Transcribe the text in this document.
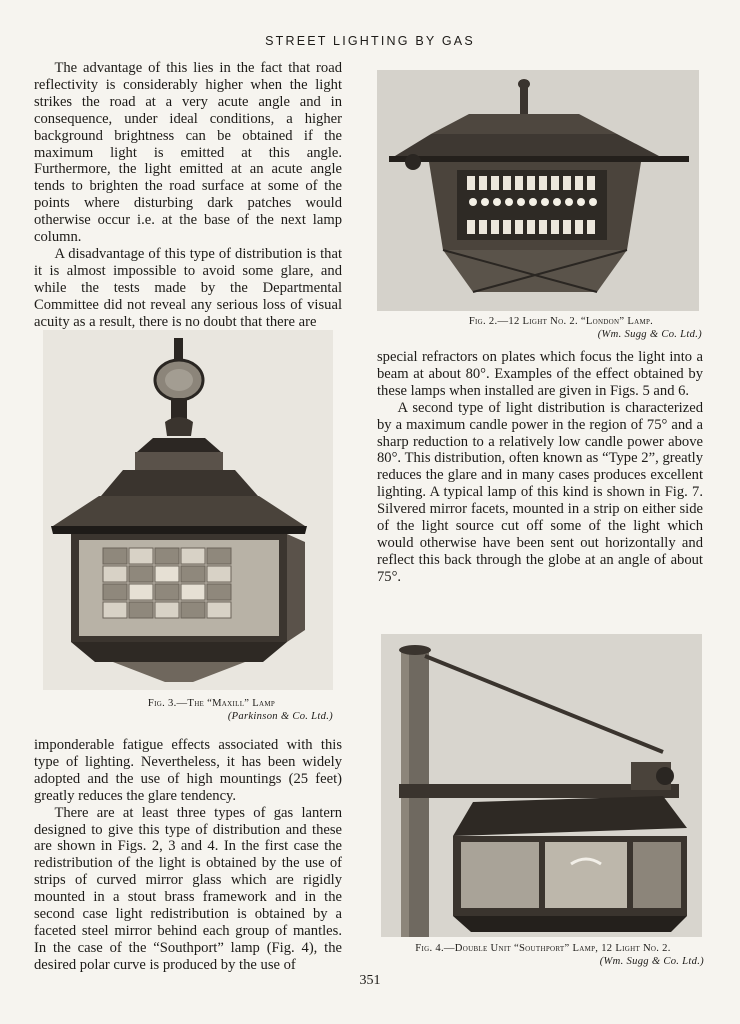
STREET LIGHTING BY GAS

The advantage of this lies in the fact that road reflectivity is considerably higher when the light strikes the road at a very acute angle and in consequence, under ideal conditions, a higher background brightness can be obtained if the maximum light is emitted at this angle. Furthermore, the light emitted at an acute angle tends to brighten the road surface at some of the points where disturbing dark patches would otherwise occur i.e. at the base of the next lamp column.

A disadvantage of this type of distribution is that it is almost impossible to avoid some glare, and while the tests made by the Departmental Committee did not reveal any serious loss of visual acuity as a result, there is no doubt that there are

Fig. 3.—The “Maxill” Lamp
(Parkinson & Co. Ltd.)

imponderable fatigue effects associated with this type of lighting. Nevertheless, it has been widely adopted and the use of high mountings (25 feet) greatly reduces the glare tendency.

There are at least three types of gas lantern designed to give this type of distribution and these are shown in Figs. 2, 3 and 4. In the first case the redistribution of the light is obtained by the use of strips of curved mirror glass which are rigidly mounted in a stout brass framework and in the second case light redistribution is obtained by a faceted steel mirror behind each group of mantles. In the case of the “Southport” lamp (Fig. 4), the desired polar curve is produced by the use of

Fig. 2.—12 Light No. 2. “London” Lamp.
(Wm. Sugg & Co. Ltd.)

special refractors on plates which focus the light into a beam at about 80°. Examples of the effect obtained by these lamps when installed are given in Figs. 5 and 6.

A second type of light distribution is characterized by a maximum candle power in the region of 75° and a sharp reduction to a relatively low candle power above 80°. This distribution, often known as “Type 2”, greatly reduces the glare and in many cases produces excellent lighting. A typical lamp of this kind is shown in Fig. 7. Silvered mirror facets, mounted in a strip on either side of the light source cut off some of the light which would otherwise have been sent out horizontally and reflect this back through the globe at an angle of about 75°.

Fig. 4.—Double Unit “Southport” Lamp, 12 Light No. 2.
(Wm. Sugg & Co. Ltd.)
351
